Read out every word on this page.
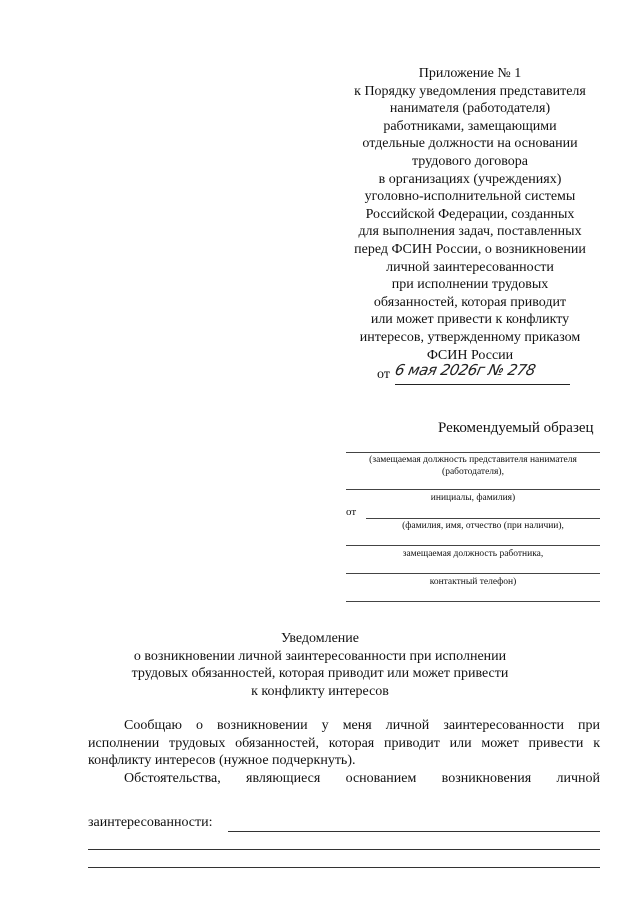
Приложение № 1
к Порядку уведомления представителя
нанимателя (работодателя)
работниками, замещающими
отдельные должности на основании
трудового договора
в организациях (учреждениях)
уголовно-исполнительной системы
Российской Федерации, созданных
для выполнения задач, поставленных
перед ФСИН России, о возникновении
личной заинтересованности
при исполнении трудовых
обязанностей, которая приводит
или может привести к конфликту
интересов, утвержденному приказом
ФСИН России
от 6 мая 2026г № 278
Рекомендуемый образец
(замещаемая должность представителя нанимателя
(работодателя),
инициалы, фамилия)
от
(фамилия, имя, отчество (при наличии),
замещаемая должность работника,
контактный телефон)
Уведомление
о возникновении личной заинтересованности при исполнении
трудовых обязанностей, которая приводит или может привести
к конфликту интересов

Сообщаю о возникновении у меня личной заинтересованности при исполнении трудовых обязанностей, которая приводит или может привести к конфликту интересов (нужное подчеркнуть).

Обстоятельства, являющиеся основанием возникновения личной

заинтересованности:
